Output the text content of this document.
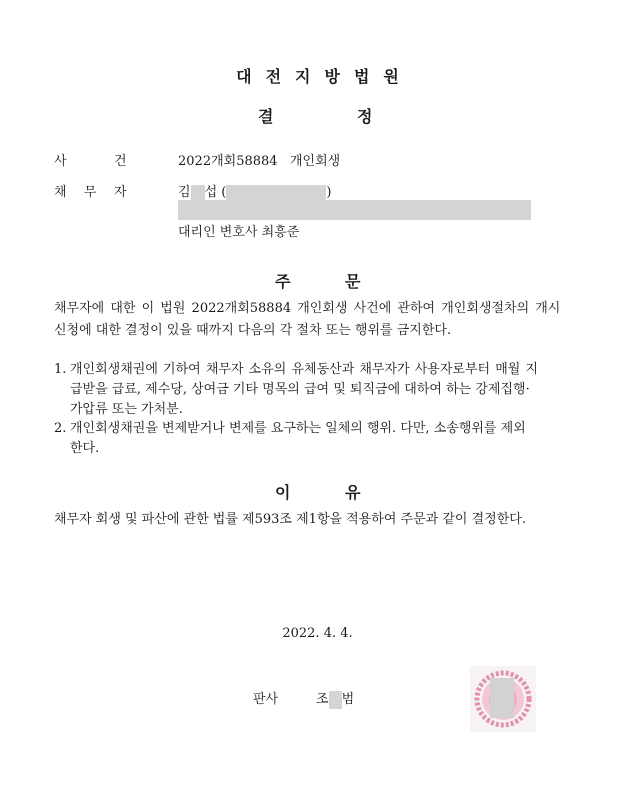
대전지방법원
결	정
사	건	2022개회58884 개인회생
채 무 자	김 섭 (	)
대리인 변호사 최흥준
주	문
채무자에 대한 이 법원 2022개회58884 개인회생 사건에 관하여 개인회생절차의 개시
신청에 대한 결정이 있을 때까지 다음의 각 절차 또는 행위를 금지한다.
1. 개인회생채권에 기하여 채무자 소유의 유체동산과 채무자가 사용자로부터 매월 지
급받을 급료, 제수당, 상여금 기타 명목의 급여 및 퇴직금에 대하여 하는 강제집행·
가압류 또는 가처분.
2. 개인회생채권을 변제받거나 변제를 요구하는 일체의 행위. 다만, 소송행위를 제외
한다.
이	유
채무자 회생 및 파산에 관한 법률 제593조 제1항을 적용하여 주문과 같이 결정한다.
2022. 4. 4.
판사	조 범
